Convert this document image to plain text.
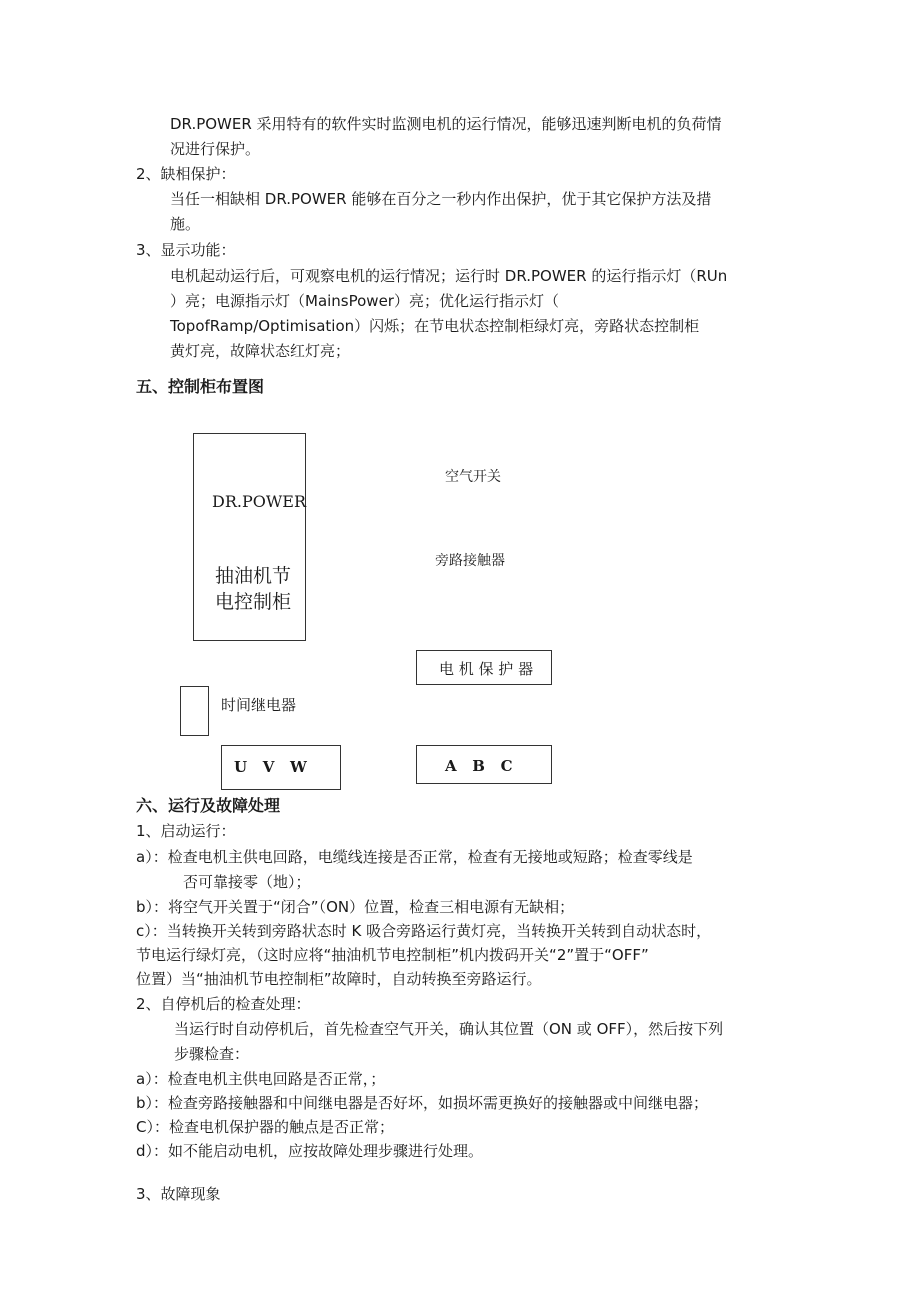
DR.POWER 采用特有的软件实时监测电机的运行情况，能够迅速判断电机的负荷情
况进行保护。
2、缺相保护：
当任一相缺相 DR.POWER 能够在百分之一秒内作出保护，优于其它保护方法及措
施。
3、显示功能：
电机起动运行后，可观察电机的运行情况；运行时 DR.POWER 的运行指示灯（RUn
）亮；电源指示灯（MainsPower）亮；优化运行指示灯（
TopofRamp/Optimisation）闪烁；在节电状态控制柜绿灯亮，旁路状态控制柜
黄灯亮，故障状态红灯亮；
五、控制柜布置图
DR.POWER
抽油机节
电控制柜
空气开关
旁路接触器
电 机 保 护 器
时间继电器
U   V   W	A   B   C
六、运行及故障处理
1、启动运行：
a）：检查电机主供电回路，电缆线连接是否正常，检查有无接地或短路；检查零线是
否可靠接零（地）；
b）：将空气开关置于“闭合”（ON）位置，检查三相电源有无缺相；
c）：当转换开关转到旁路状态时 K 吸合旁路运行黄灯亮，当转换开关转到自动状态时，
节电运行绿灯亮，（这时应将“抽油机节电控制柜”机内拨码开关“2”置于“OFF”
位置）当“抽油机节电控制柜”故障时，自动转换至旁路运行。
2、自停机后的检查处理：
当运行时自动停机后，首先检查空气开关，确认其位置（ON 或 OFF），然后按下列
步骤检查：
a）：检查电机主供电回路是否正常，；
b）：检查旁路接触器和中间继电器是否好坏，如损坏需更换好的接触器或中间继电器；
C）：检查电机保护器的触点是否正常；
d）：如不能启动电机，应按故障处理步骤进行处理。
3、故障现象
